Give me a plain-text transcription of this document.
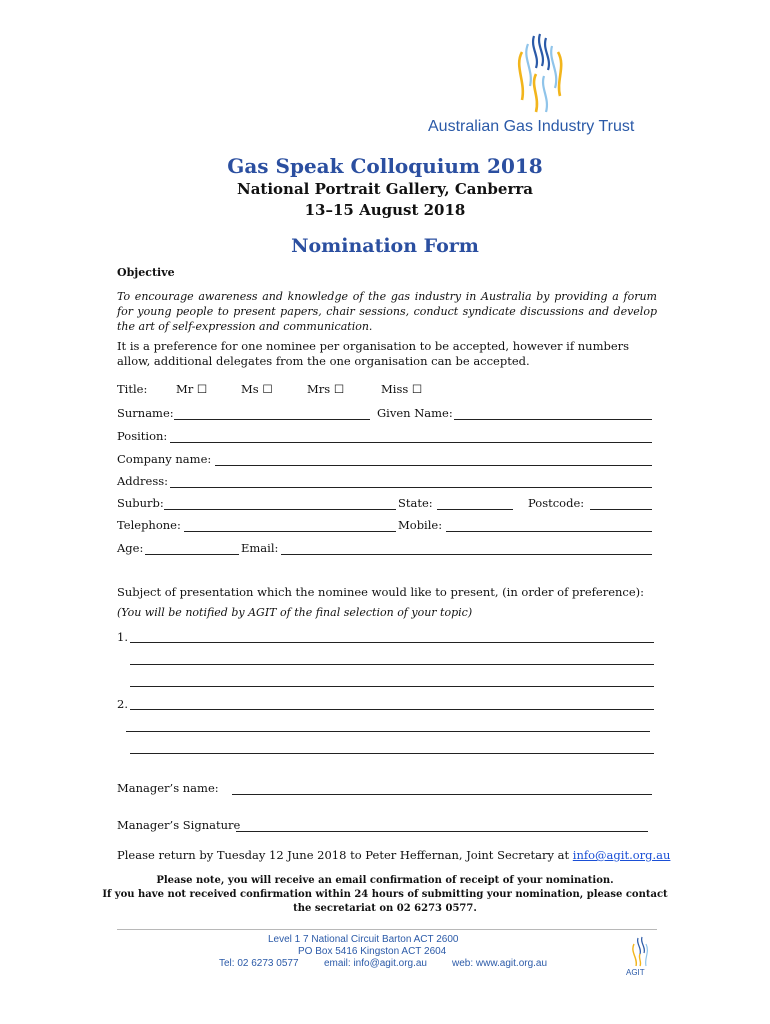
Australian Gas Industry Trust
Gas Speak Colloquium 2018
National Portrait Gallery, Canberra
13–15 August 2018
Nomination Form
Objective
To encourage awareness and knowledge of the gas industry in Australia by providing a forum for young people to present papers, chair sessions, conduct syndicate discussions and develop the art of self-expression and communication.
It is a preference for one nominee per organisation to be accepted, however if numbers allow, additional delegates from the one organisation can be accepted.
Title: Mr ☐	Ms ☐	Mrs ☐	Miss ☐
Surname:	Given Name:
Position:
Company name:
Address:
Suburb:	State:	Postcode:
Telephone:	Mobile:
Age:	Email:
Subject of presentation which the nominee would like to present, (in order of preference):
(You will be notified by AGIT of the final selection of your topic)
1.
2.
Manager’s name:
Manager’s Signature
Please return by Tuesday 12 June 2018 to Peter Heffernan, Joint Secretary at info@agit.org.au
Please note, you will receive an email confirmation of receipt of your nomination.
If you have not received confirmation within 24 hours of submitting your nomination, please contact
the secretariat on 02 6273 0577.
Level 1 7 National Circuit Barton ACT 2600
PO Box 5416 Kingston ACT 2604
Tel: 02 6273 0577	email: info@agit.org.au	web: www.agit.org.au
AGIT
